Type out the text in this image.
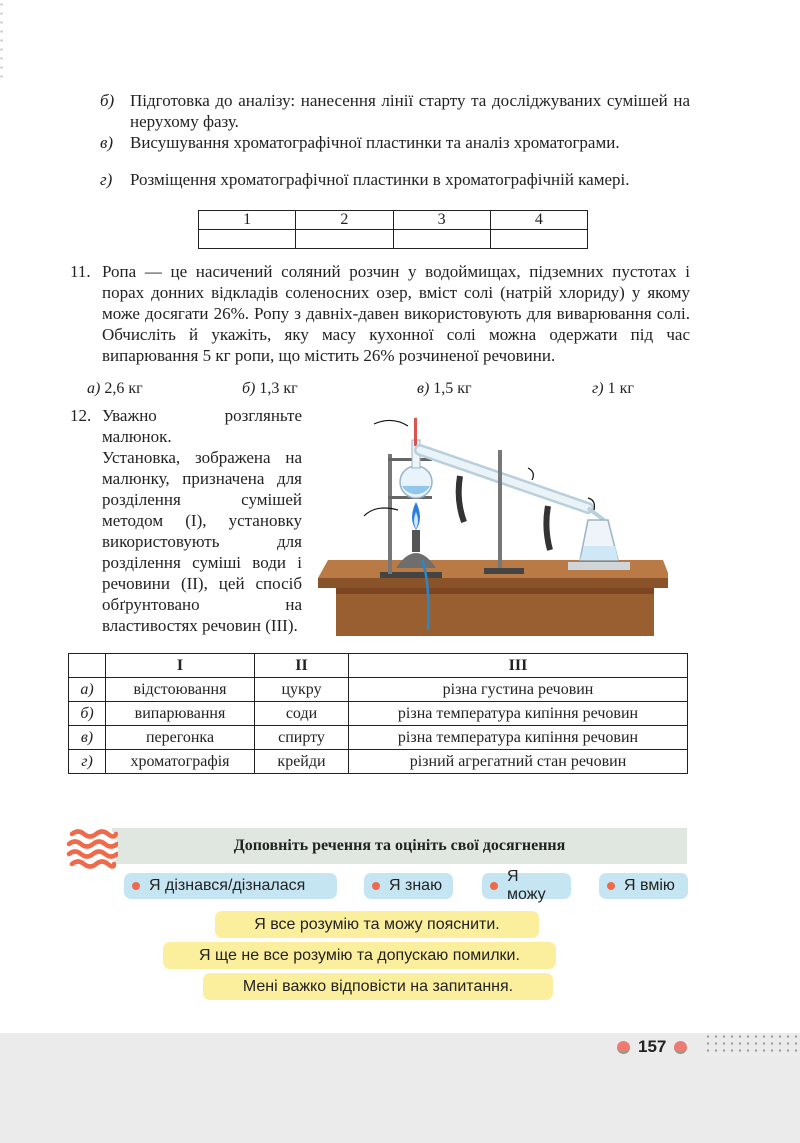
б) Підготовка до аналізу: нанесення лінії старту та досліджуваних сумішей на нерухому фазу.
в) Висушування хроматографічної пластинки та аналіз хроматограми.
г) Розміщення хроматографічної пластинки в хроматографічній камері.
1	2	3	4

11. Ропа — це насичений соляний розчин у водоймищах, підземних пустотах і порах донних відкладів соленосних озер, вміст солі (натрій хлориду) у якому може досягати 26%. Ропу з давніх-давен використовують для виварювання солі. Обчисліть й укажіть, яку масу кухонної солі можна одержати під час випарювання 5 кг ропи, що містить 26% розчиненої речовини.
а) 2,6 кг	б) 1,3 кг	в) 1,5 кг	г) 1 кг
12. Уважно розгляньте малюнок.
Установка, зображена на малюнку, призначена для розділення сумішей методом (I), установку використовують для розділення суміші води і речовини (II), цей спосіб обґрунтовано на властивостях речовин (III).
	I	II	III
а)	відстоювання	цукру	різна густина речовин
б)	випарювання	соди	різна температура кипіння речовин
в)	перегонка	спирту	різна температура кипіння речовин
г)	хроматографія	крейди	різний агрегатний стан речовин
Доповніть речення та оцініть свої досягнення
Я дізнався/дізналася	Я знаю
Я можу
Я вмію
Я все розумію та можу пояснити.
Я ще не все розумію та допускаю помилки.
Мені важко відповісти на запитання.
157
